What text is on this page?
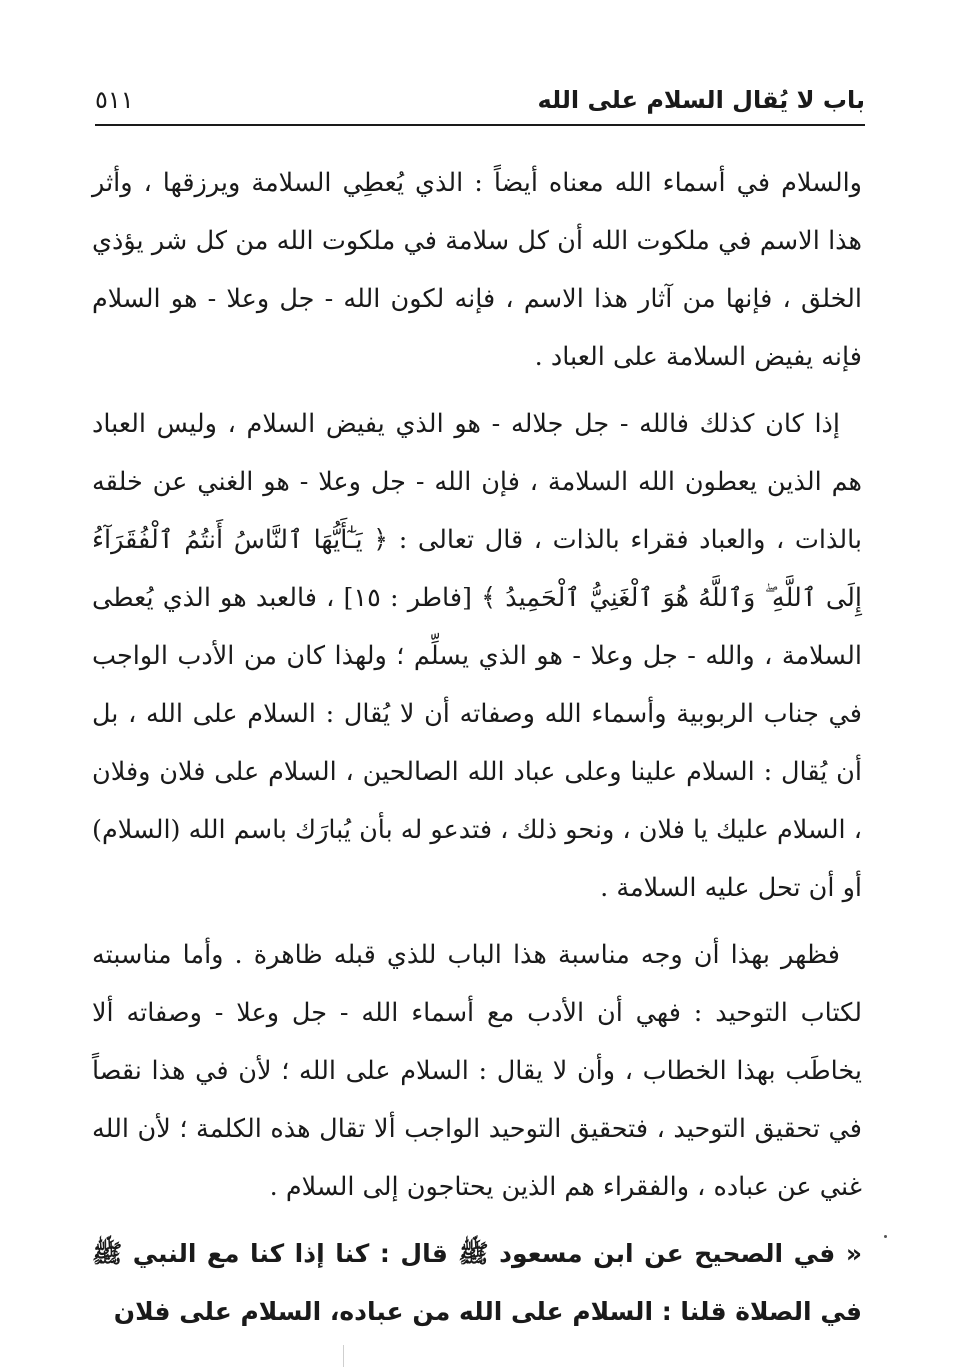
باب لا يُقال السلام على الله
٥١١

والسلام في أسماء الله معناه أيضاً : الذي يُعطِي السلامة ويرزقها ، وأثر هذا الاسم في ملكوت الله أن كل سلامة في ملكوت الله من كل شر يؤذي الخلق ، فإنها من آثار هذا الاسم ، فإنه لكون الله - جل وعلا - هو السلام فإنه يفيض السلامة على العباد .

إذا كان كذلك فالله - جل جلاله - هو الذي يفيض السلام ، وليس العباد هم الذين يعطون الله السلامة ، فإن الله - جل وعلا - هو الغني عن خلقه بالذات ، والعباد فقراء بالذات ، قال تعالى : ﴿ يَـٰٓأَيُّهَا ٱلنَّاسُ أَنتُمُ ٱلْفُقَرَآءُ إِلَى ٱللَّهِ ۖ وَٱللَّهُ هُوَ ٱلْغَنِيُّ ٱلْحَمِيدُ ﴾ [فاطر : ١٥] ، فالعبد هو الذي يُعطى السلامة ، والله - جل وعلا - هو الذي يسلِّم ؛ ولهذا كان من الأدب الواجب في جناب الربوبية وأسماء الله وصفاته أن لا يُقال : السلام على الله ، بل أن يُقال : السلام علينا وعلى عباد الله الصالحين ، السلام على فلان وفلان ، السلام عليك يا فلان ، ونحو ذلك ، فتدعو له بأن يُبارَك باسم الله (السلام) أو أن تحل عليه السلامة .

فظهر بهذا أن وجه مناسبة هذا الباب للذي قبله ظاهرة . وأما مناسبته لكتاب التوحيد : فهي أن الأدب مع أسماء الله - جل وعلا - وصفاته ألا يخاطَب بهذا الخطاب ، وأن لا يقال : السلام على الله ؛ لأن في هذا نقصاً في تحقيق التوحيد ، فتحقيق التوحيد الواجب ألا تقال هذه الكلمة ؛ لأن الله غني عن عباده ، والفقراء هم الذين يحتاجون إلى السلام .

« في الصحيح عن ابن مسعود ﷺ قال : كنا إذا كنا مع النبي ﷺ في الصلاة قلنا : السلام على الله من عباده، السلام على فلان
